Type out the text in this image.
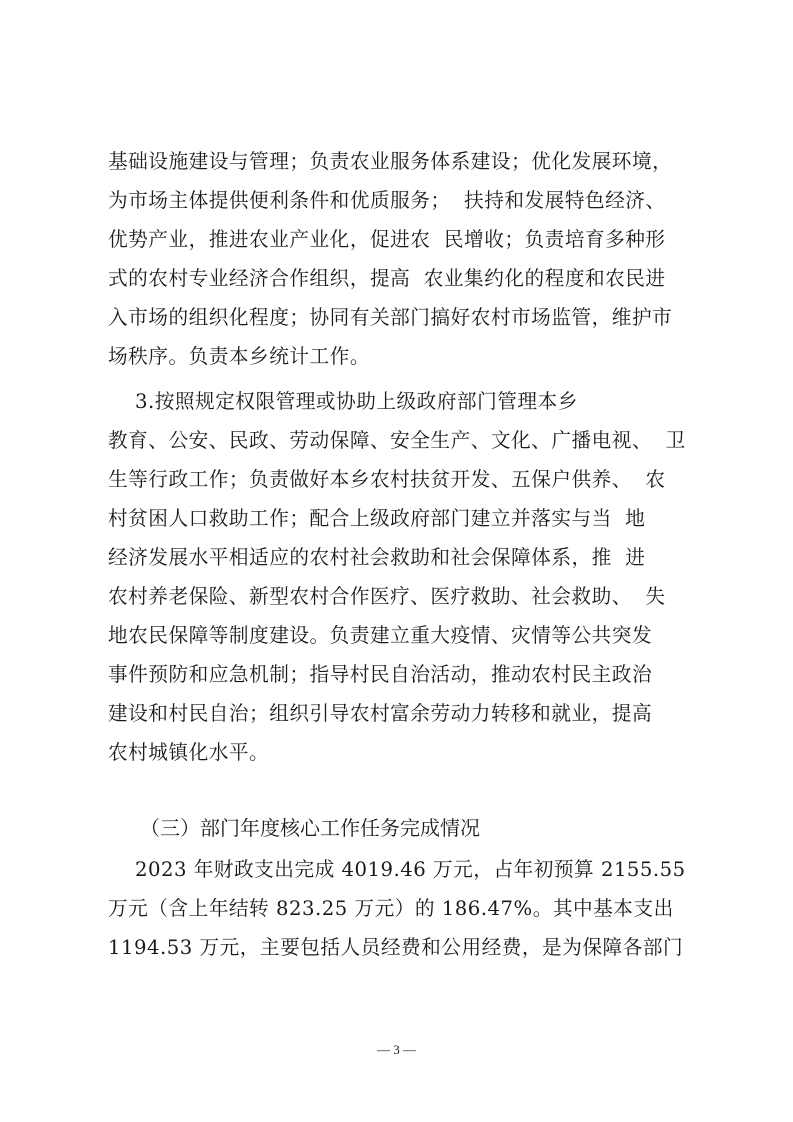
基础设施建设与管理；负责农业服务体系建设；优化发展环境，
为市场主体提供便利条件和优质服务；  扶持和发展特色经济、
优势产业，推进农业产业化，促进农  民增收；负责培育多种形
式的农村专业经济合作组织，提高  农业集约化的程度和农民进
入市场的组织化程度；协同有关部门搞好农村市场监管，维护市
场秩序。负责本乡统计工作。
3.按照规定权限管理或协助上级政府部门管理本乡
教育、公安、民政、劳动保障、安全生产、文化、广播电视、  卫
生等行政工作；负责做好本乡农村扶贫开发、五保户供养、  农
村贫困人口救助工作；配合上级政府部门建立并落实与当  地
经济发展水平相适应的农村社会救助和社会保障体系，推  进
农村养老保险、新型农村合作医疗、医疗救助、社会救助、  失
地农民保障等制度建设。负责建立重大疫情、灾情等公共突发
事件预防和应急机制；指导村民自治活动，推动农村民主政治
建设和村民自治；组织引导农村富余劳动力转移和就业，提高
农村城镇化水平。
（三）部门年度核心工作任务完成情况
2023 年财政支出完成 4019.46 万元，占年初预算 2155.55
万元（含上年结转 823.25 万元）的 186.47%。其中基本支出
1194.53 万元，主要包括人员经费和公用经费，是为保障各部门
— 3 —
